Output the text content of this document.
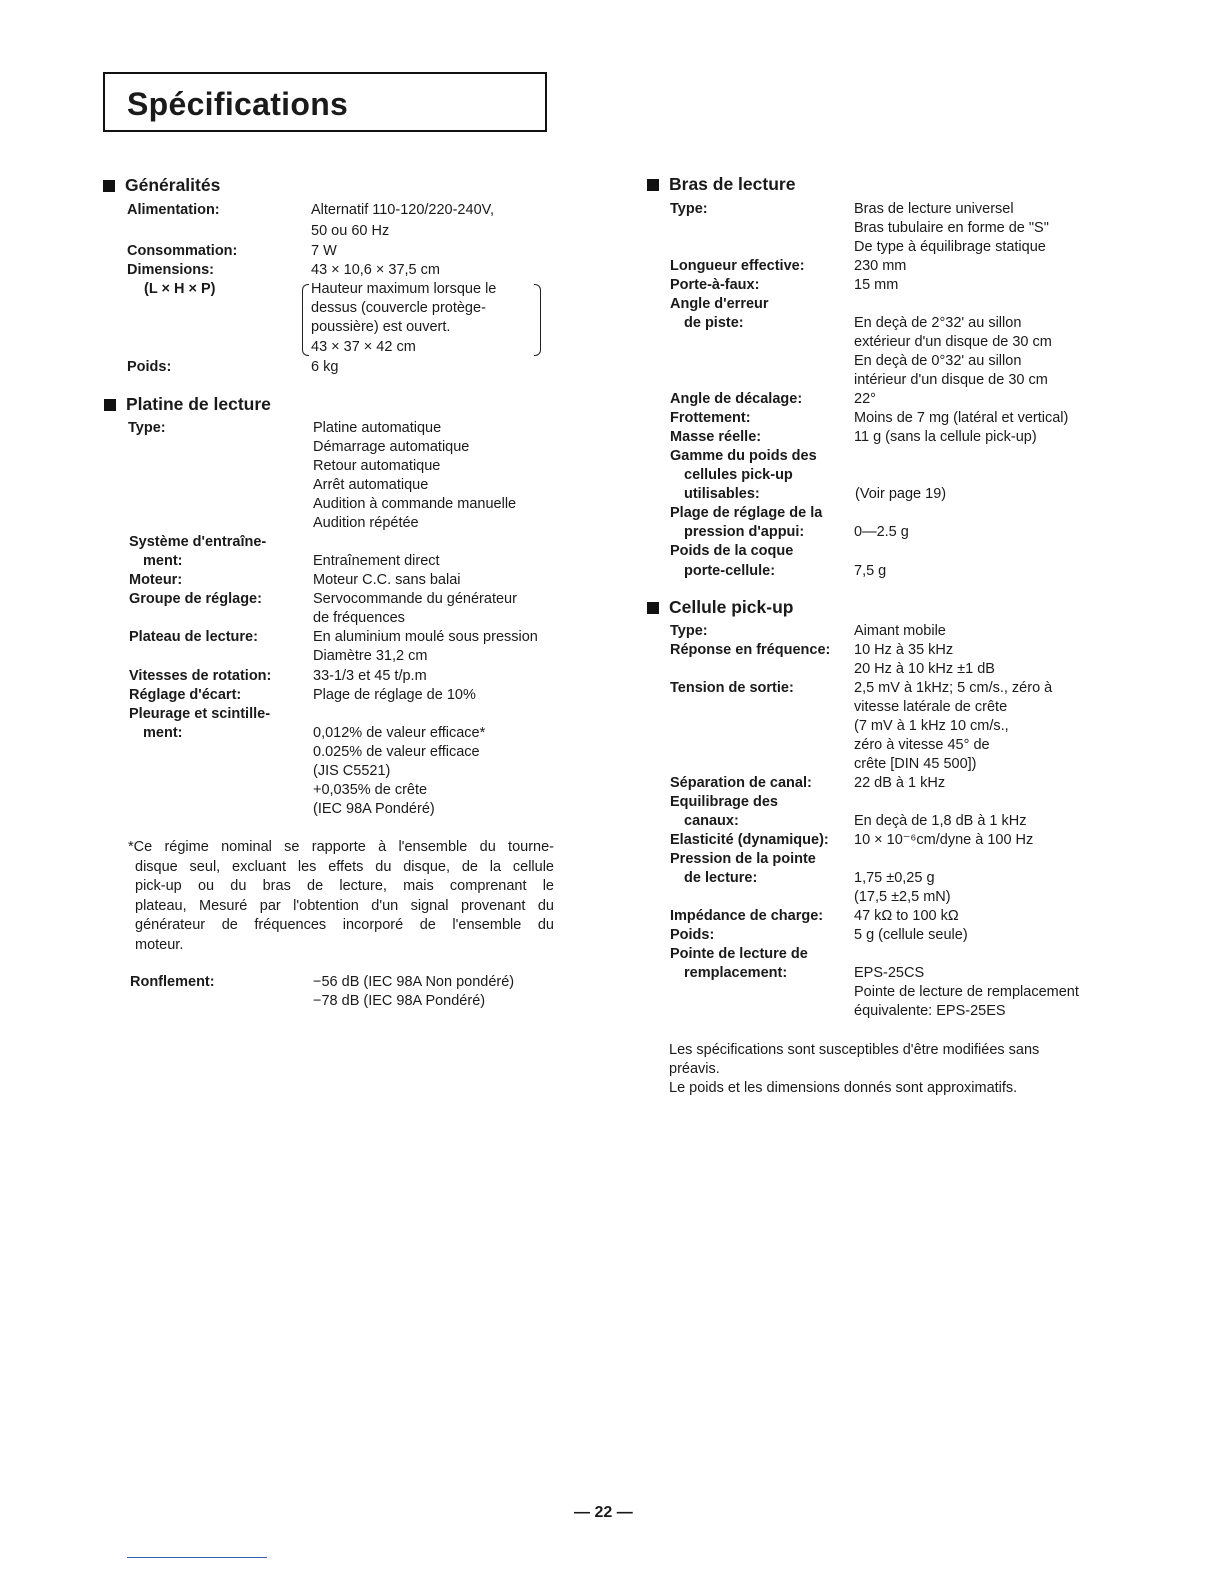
Spécifications
Généralités
Alimentation:	Alternatif 110-120/220-240V,
50 ou 60 Hz
Consommation:	7 W
Dimensions:	43 × 10,6 × 37,5 cm
(L × H × P)	Hauteur maximum lorsque le
dessus (couvercle protège-
poussière) est ouvert.
43 × 37 × 42 cm
Poids:	6 kg
Platine de lecture
Type:	Platine automatique
Démarrage automatique
Retour automatique
Arrêt automatique
Audition à commande manuelle
Audition répétée
Système d'entraîne-
ment:	Entraînement direct
Moteur:	Moteur C.C. sans balai
Groupe de réglage:	Servocommande du générateur
de fréquences
Plateau de lecture:	En aluminium moulé sous pression
Diamètre 31,2 cm
Vitesses de rotation:	33-1/3 et 45 t/p.m
Réglage d'écart:	Plage de réglage de 10%
Pleurage et scintille-
ment:	0,012% de valeur efficace*
0.025% de valeur efficace
(JIS C5521)
+0,035% de crête
(IEC 98A Pondéré)
*Ce régime nominal se rapporte à l'ensemble du tourne-
disque seul, excluant les effets du disque, de la cellule
pick-up ou du bras de lecture, mais comprenant le
plateau, Mesuré par l'obtention d'un signal provenant du
générateur de fréquences incorporé de l'ensemble du
moteur.
Ronflement:	−56 dB (IEC 98A Non pondéré)
−78 dB (IEC 98A Pondéré)
Bras de lecture
Type:	Bras de lecture universel
Bras tubulaire en forme de "S"
De type à équilibrage statique
Longueur effective:	230 mm
Porte-à-faux:	15 mm
Angle d'erreur
de piste:	En deçà de 2°32' au sillon
extérieur d'un disque de 30 cm
En deçà de 0°32' au sillon
intérieur d'un disque de 30 cm
Angle de décalage:	22°
Frottement:	Moins de 7 mg (latéral et vertical)
Masse réelle:	11 g (sans la cellule pick-up)
Gamme du poids des
cellules pick-up
utilisables:	(Voir page 19)
Plage de réglage de la
pression d'appui:	0—2.5 g
Poids de la coque
porte-cellule:	7,5 g
Cellule pick-up
Type:	Aimant mobile
Réponse en fréquence: 10 Hz à 35 kHz
20 Hz à 10 kHz ±1 dB
Tension de sortie:	2,5 mV à 1kHz; 5 cm/s., zéro à
vitesse latérale de crête
(7 mV à 1 kHz 10 cm/s.,
zéro à vitesse 45° de
crête [DIN 45 500])
Séparation de canal:	22 dB à 1 kHz
Equilibrage des
canaux:	En deçà de 1,8 dB à 1 kHz
Elasticité (dynamique): 10 × 10⁻⁶cm/dyne à 100 Hz
Pression de la pointe
de lecture:	1,75 ±0,25 g
(17,5 ±2,5 mN)
Impédance de charge: 47 kΩ to 100 kΩ
Poids:	5 g (cellule seule)
Pointe de lecture de
remplacement:	EPS-25CS
Pointe de lecture de remplacement
équivalente: EPS-25ES
Les spécifications sont susceptibles d'être modifiées sans
préavis.
Le poids et les dimensions donnés sont approximatifs.
— 22 —
